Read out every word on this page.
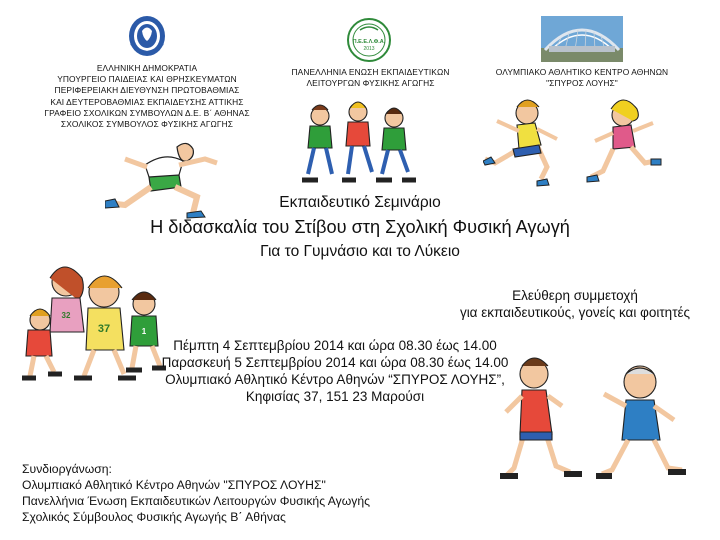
ΕΛΛΗΝΙΚΗ ΔΗΜΟΚΡΑΤΙΑ
ΥΠΟΥΡΓΕΙΟ ΠΑΙΔΕΙΑΣ ΚΑΙ ΘΡΗΣΚΕΥΜΑΤΩΝ
ΠΕΡΙΦΕΡΕΙΑΚΗ ΔΙΕΥΘΥΝΣΗ ΠΡΩΤΟΒΑΘΜΙΑΣ
ΚΑΙ ΔΕΥΤΕΡΟΒΑΘΜΙΑΣ ΕΚΠΑΙΔΕΥΣΗΣ ΑΤΤΙΚΗΣ
ΓΡΑΦΕΙΟ ΣΧΟΛΙΚΩΝ ΣΥΜΒΟΥΛΩΝ Δ.Ε. Β΄ ΑΘΗΝΑΣ
ΣΧΟΛΙΚΟΣ ΣΥΜΒΟΥΛΟΣ ΦΥΣΙΚΗΣ ΑΓΩΓΗΣ
Π.Ε.Ε.Λ.Φ.Α.
2013
ΠΑΝΕΛΛΗΝΙΑ ΕΝΩΣΗ ΕΚΠΑΙΔΕΥΤΙΚΩΝ
ΛΕΙΤΟΥΡΓΩΝ ΦΥΣΙΚΗΣ ΑΓΩΓΗΣ
ΟΛΥΜΠΙΑΚΟ ΑΘΛΗΤΙΚΟ ΚΕΝΤΡΟ ΑΘΗΝΩΝ
"ΣΠΥΡΟΣ ΛΟΥΗΣ"
Εκπαιδευτικό Σεμινάριο
Η διδασκαλία του Στίβου στη Σχολική Φυσική Αγωγή
Για το Γυμνάσιο και το Λύκειο
37	1
32
Ελεύθερη συμμετοχή
για εκπαιδευτικούς, γονείς και φοιτητές
Πέμπτη 4 Σεπτεμβρίου 2014 και ώρα 08.30 έως 14.00
Παρασκευή 5 Σεπτεμβρίου 2014 και ώρα 08.30 έως 14.00
Ολυμπιακό Αθλητικό Κέντρο Αθηνών “ΣΠΥΡΟΣ ΛΟΥΗΣ”,
Κηφισίας 37, 151 23 Μαρούσι
Συνδιοργάνωση:
Ολυμπιακό Αθλητικό Κέντρο Αθηνών "ΣΠΥΡΟΣ ΛΟΥΗΣ"
Πανελλήνια Ένωση Εκπαιδευτικών Λειτουργών Φυσικής Αγωγής
Σχολικός Σύμβουλος Φυσικής Αγωγής Β΄ Αθήνας
